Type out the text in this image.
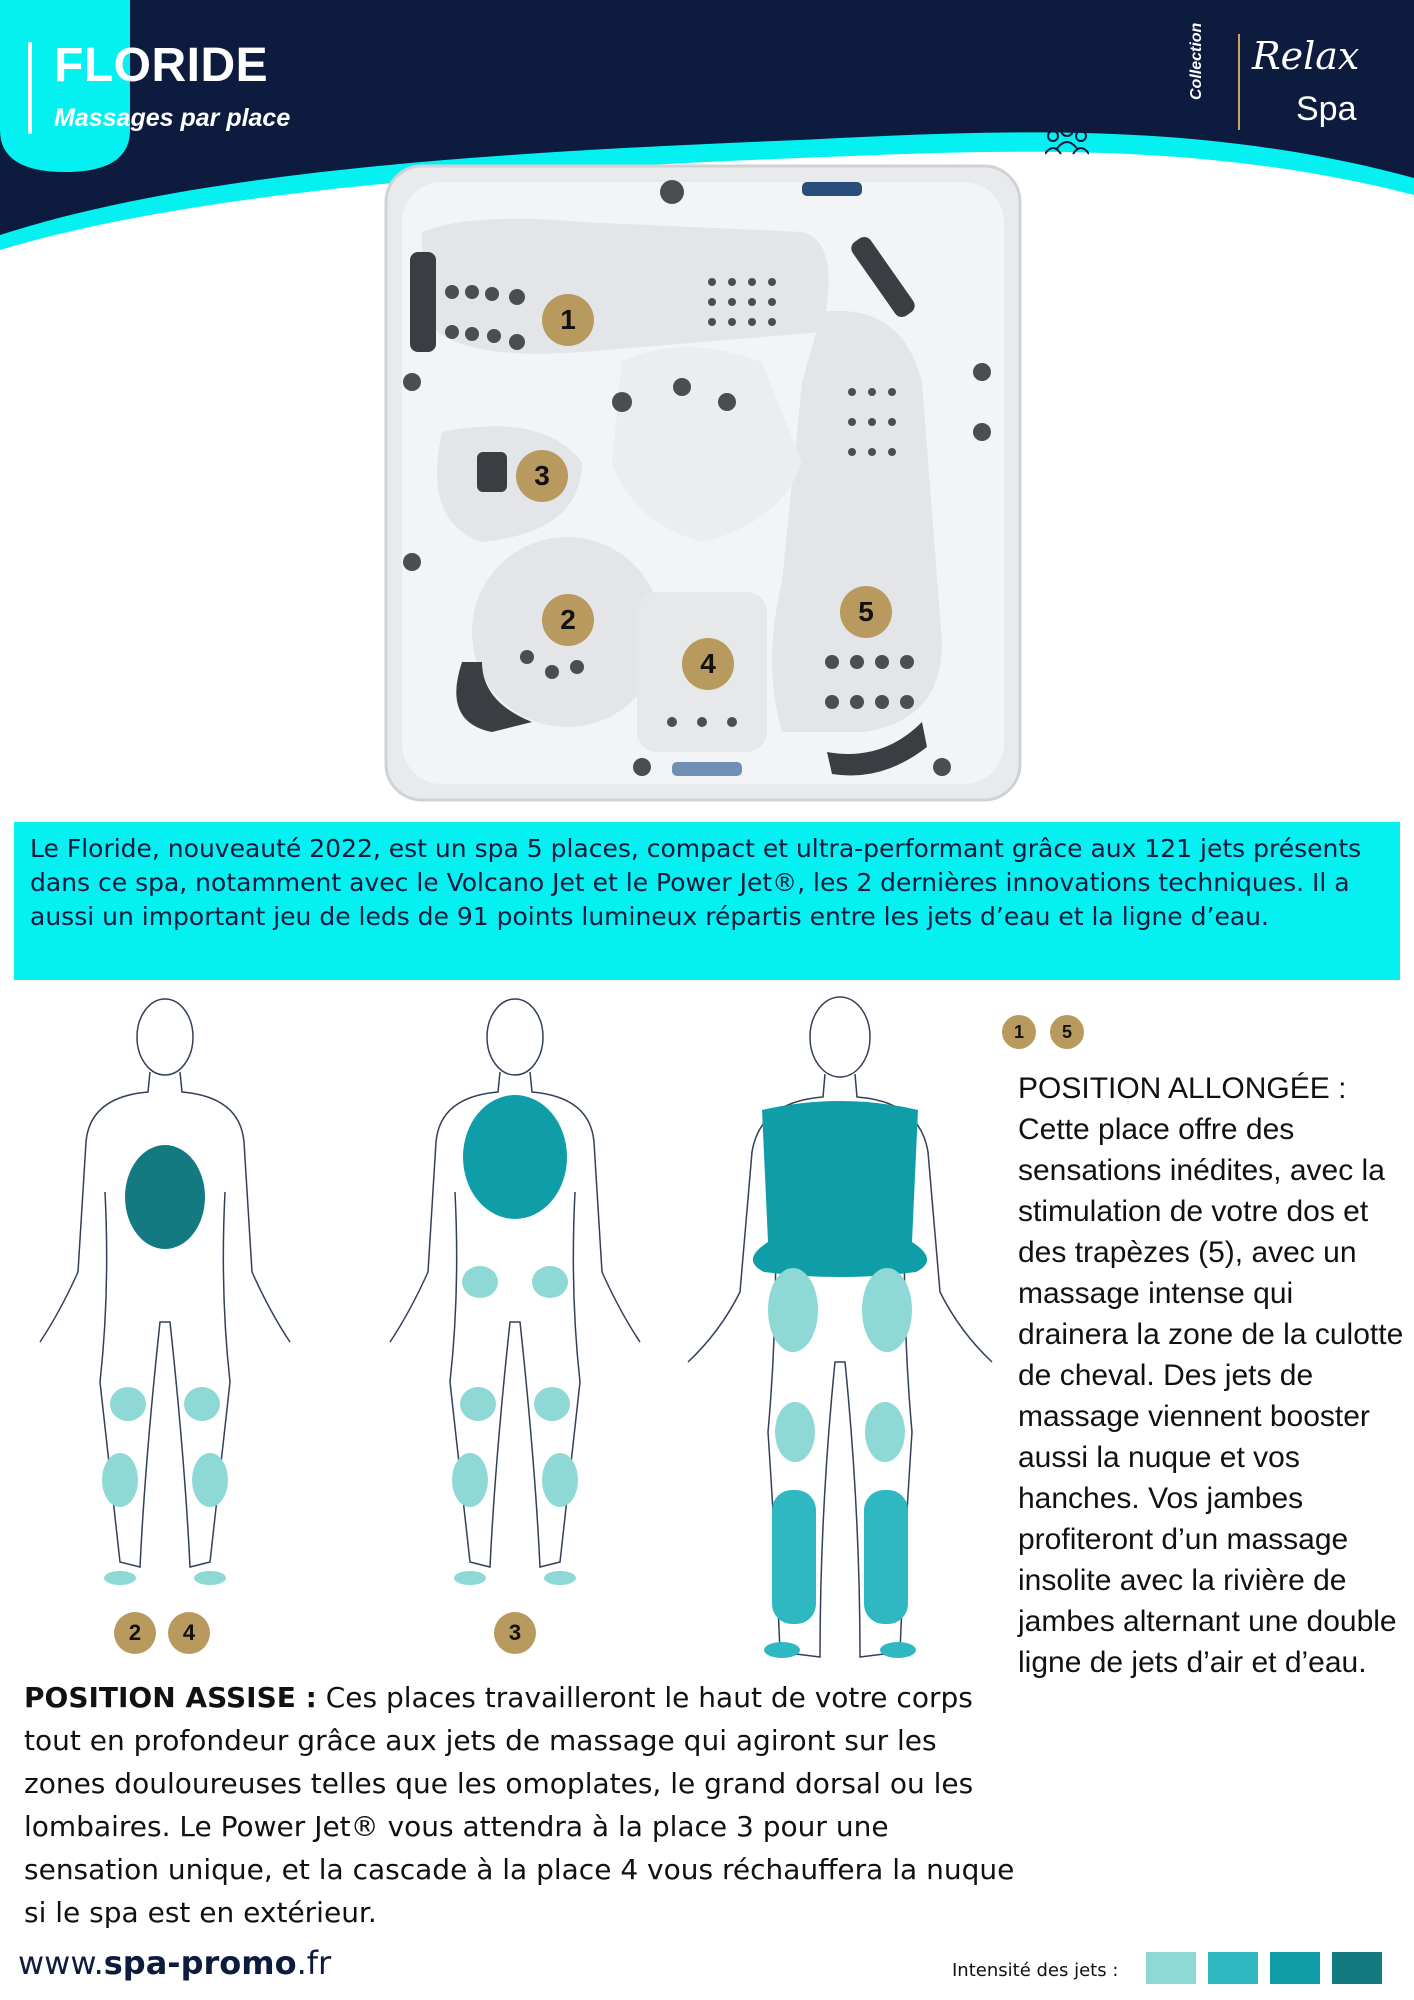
FLORIDE
Massages par place
5
PLACES	Collection Relax
Spa
1
2
3
4
5
Le Floride, nouveauté 2022, est un spa 5 places, compact et ultra-performant grâce aux 121 jets présents dans ce spa, notamment avec le Volcano Jet et le Power Jet®, les 2 dernières innovations techniques. Il a aussi un important jeu de leds de 91 points lumineux répartis entre les jets d’eau et la ligne d’eau.
2	4	3
1	5
POSITION ALLONGÉE :
Cette place offre des sensations inédites, avec la stimulation de votre dos et des trapèzes (5), avec un massage intense qui drainera la zone de la culotte de cheval. Des jets de massage viennent booster aussi la nuque et vos hanches. Vos jambes profiteront d’un massage insolite avec la rivière de jambes alternant une double ligne de jets d’air et d’eau.
POSITION ASSISE : Ces places travailleront le haut de votre corps tout en profondeur grâce aux jets de massage qui agiront sur les zones douloureuses telles que les omoplates, le grand dorsal ou les lombaires. Le Power Jet® vous attendra à la place 3 pour une sensation unique, et la cascade à la place 4 vous réchauffera la nuque si le spa est en extérieur.
www.spa-promo.fr	Intensité des jets :
